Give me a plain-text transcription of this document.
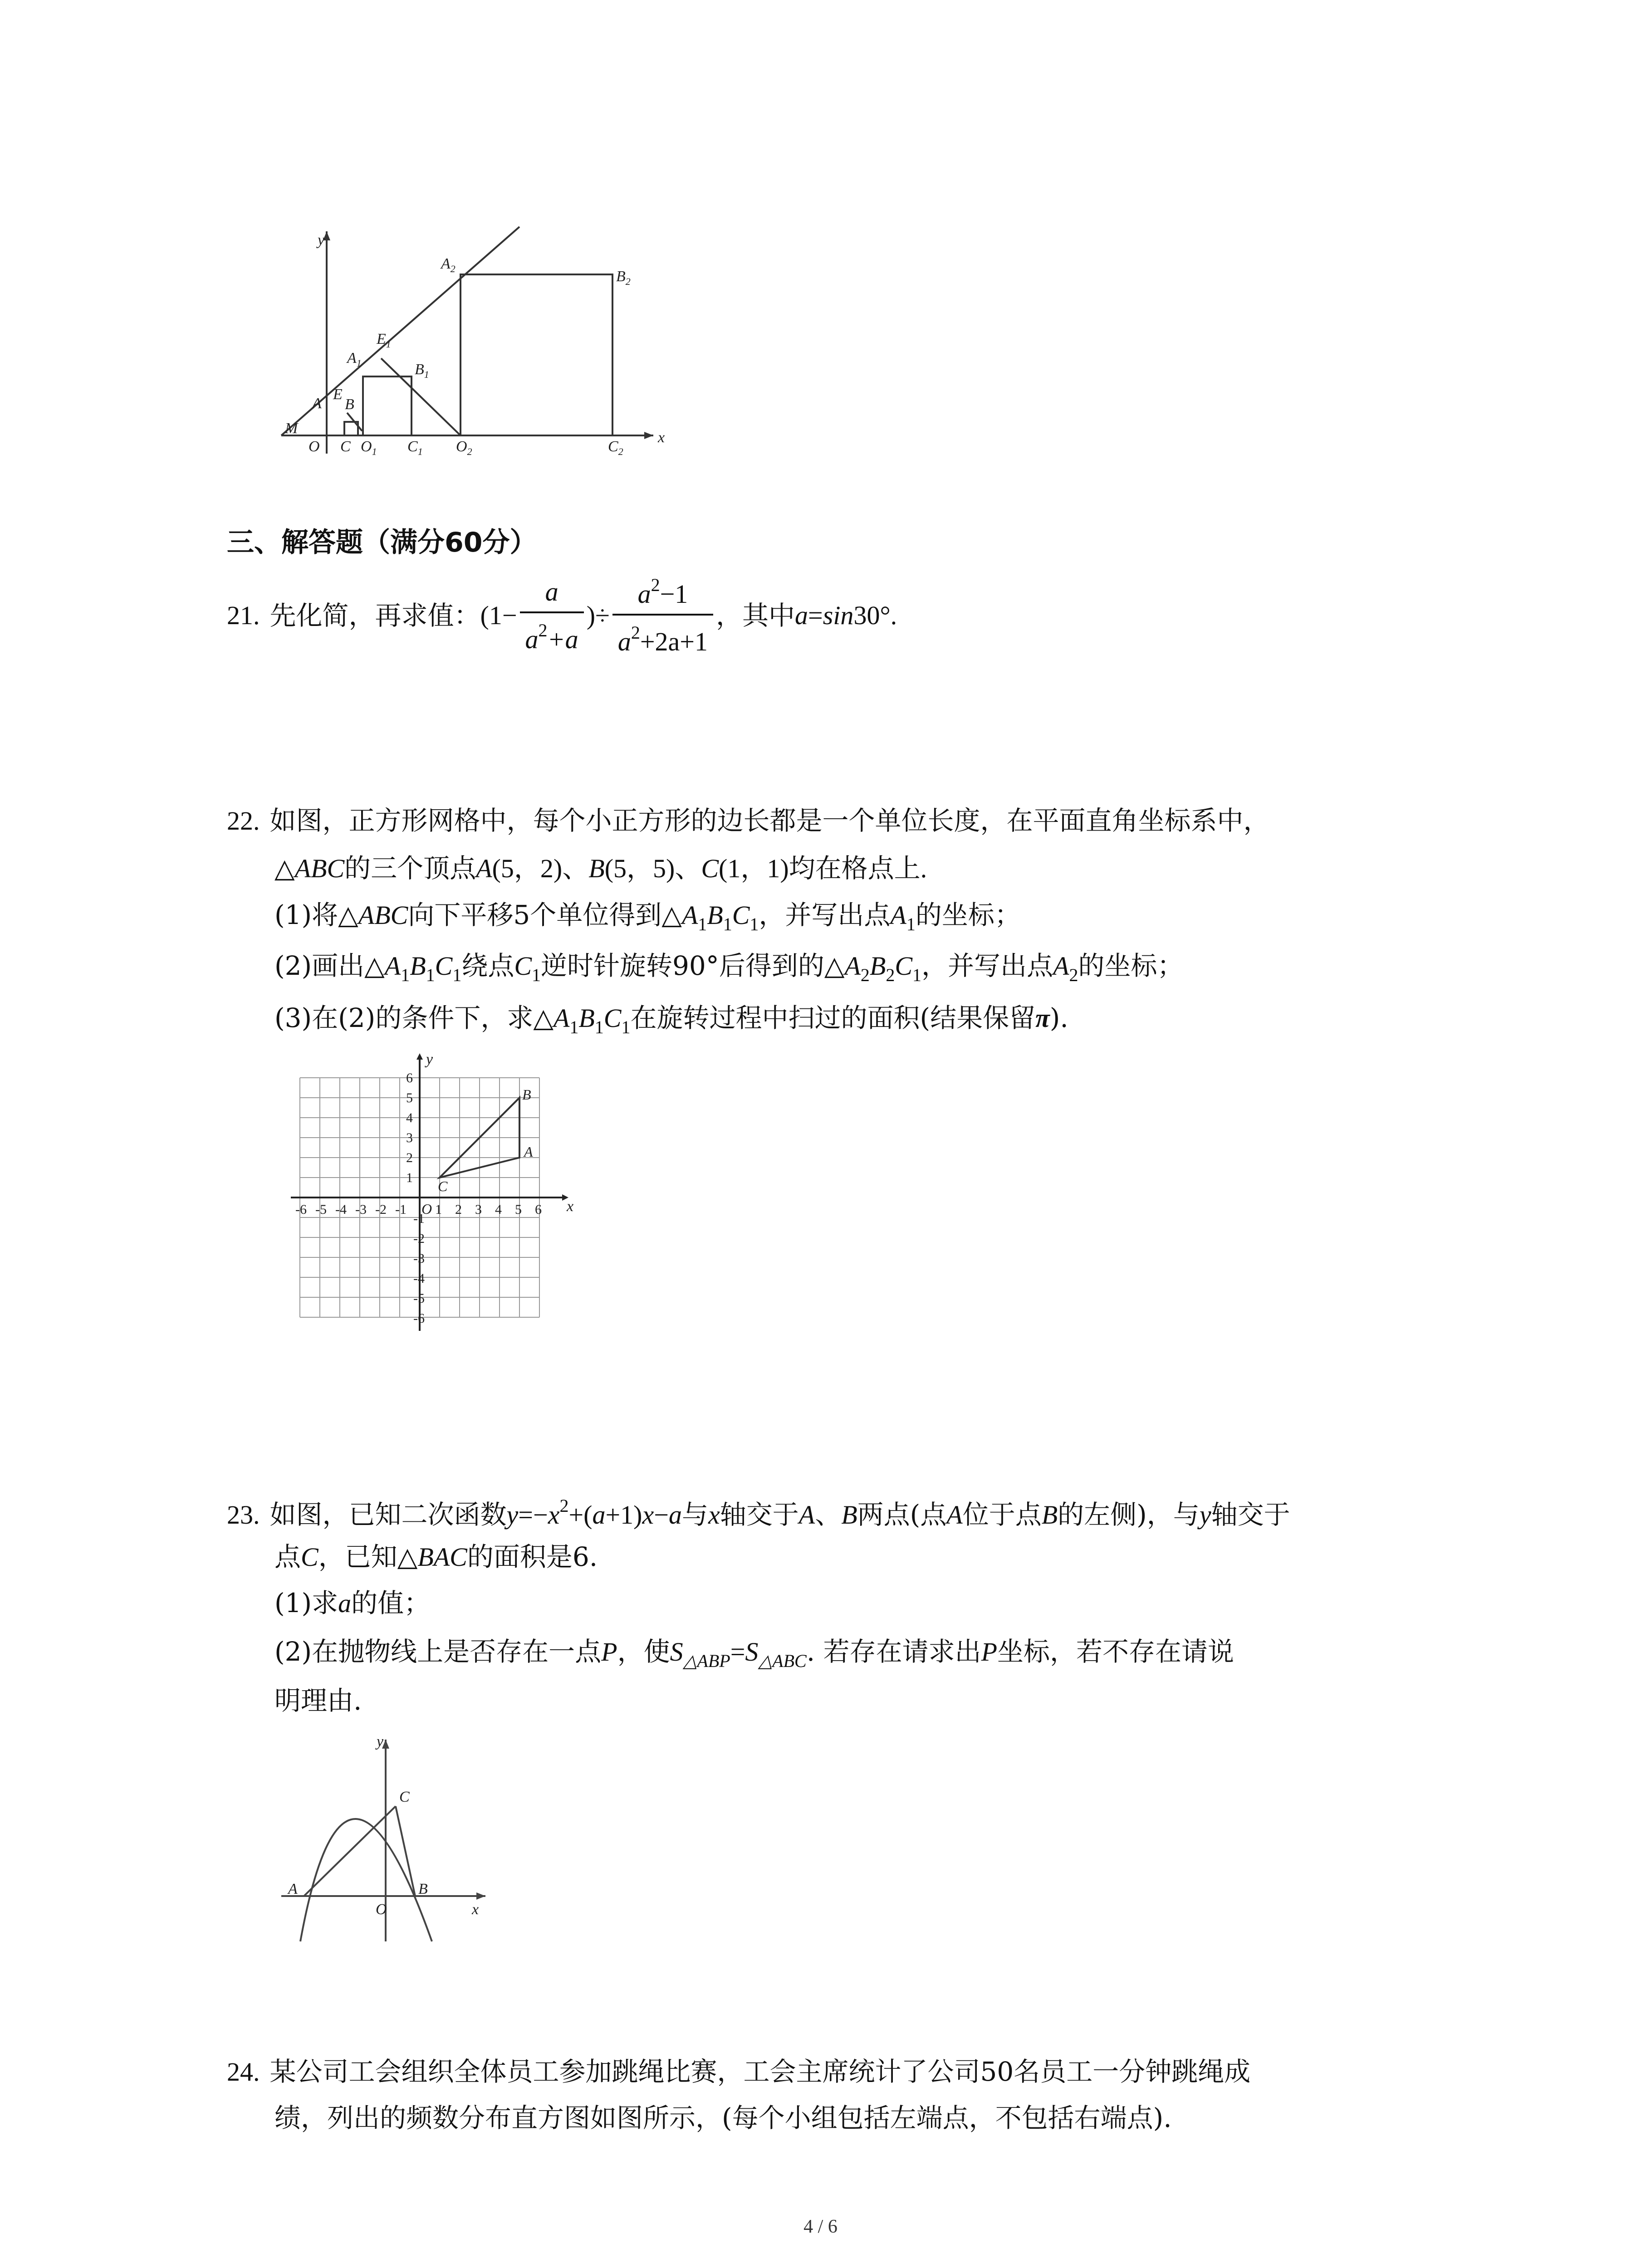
y
x
M
O C $O_1$ $C_1$ $O_2$	$C_2$
A
E
B
$A_1$
$E_1$
$B_1$
$A_2$	$B_2$
三、解答题（满分60分）
21. 先化简，再求值： ($1- \frac{a}{a^2+a}$ )÷ $\frac{a^2-1}{a^2+2a+1}$ ，其中 a = sin 30°.
22. 如图，正方形网格中，每个小正方形的边长都是一个单位长度，在平面直角坐标系中，
△ABC的三个顶点A(5，2)、B(5，5)、C(1，1)均在格点上.
(1)将△ABC向下平移5个单位得到$\triangle A_1B_1C_1$，并写出点$A_1$的坐标；
(2)画出$\triangle A_1B_1C_1$绕点$C_1$逆时针旋转90°后得到的$\triangle A_2B_2C_1$，并写出点$A_2$的坐标；
(3)在(2)的条件下，求$\triangle A_1B_1C_1$在旋转过程中扫过的面积(结果保留π).
-6 -5 -4 -3 -2 -1 1 2 3 4 5 6
1
2
3
4
5
6
-1
-2
-3
-4
-5
-6
O	x
y
A
B
C
23. 如图，已知二次函数$y=-x^2+(a+1)x-a$与x轴交于A、B两点(点A位于点B的左侧)，与y轴交于
点C，已知△BAC的面积是6.
(1)求a的值；
(2)在抛物线上是否存在一点P，使$S_{\triangle ABP}=S_{\triangle ABC}$. 若存在请求出P坐标，若不存在请说
明理由.
y
x
O
A	B
C
24. 某公司工会组织全体员工参加跳绳比赛，工会主席统计了公司50名员工一分钟跳绳成
绩，列出的频数分布直方图如图所示，(每个小组包括左端点，不包括右端点).
4 / 6
